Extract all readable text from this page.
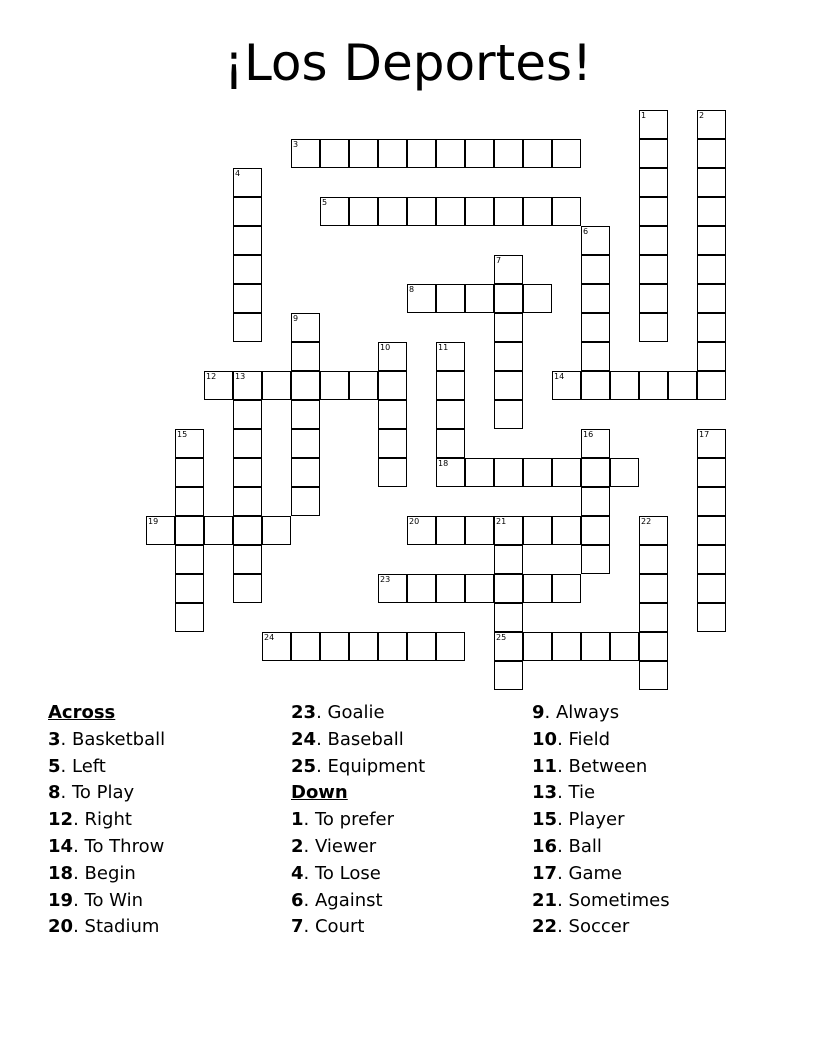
¡Los Deportes!
3
5
8
12 13	14
18
19	20	21
23
24	25
1	2
4
6
7
9
10	11
15	16	17
22
Across
3. Basketball
5. Left
8. To Play
12. Right
14. To Throw
18. Begin
19. To Win
20. Stadium
23. Goalie
24. Baseball
25. Equipment
Down
1. To prefer
2. Viewer
4. To Lose
6. Against
7. Court
9. Always
10. Field
11. Between
13. Tie
15. Player
16. Ball
17. Game
21. Sometimes
22. Soccer
